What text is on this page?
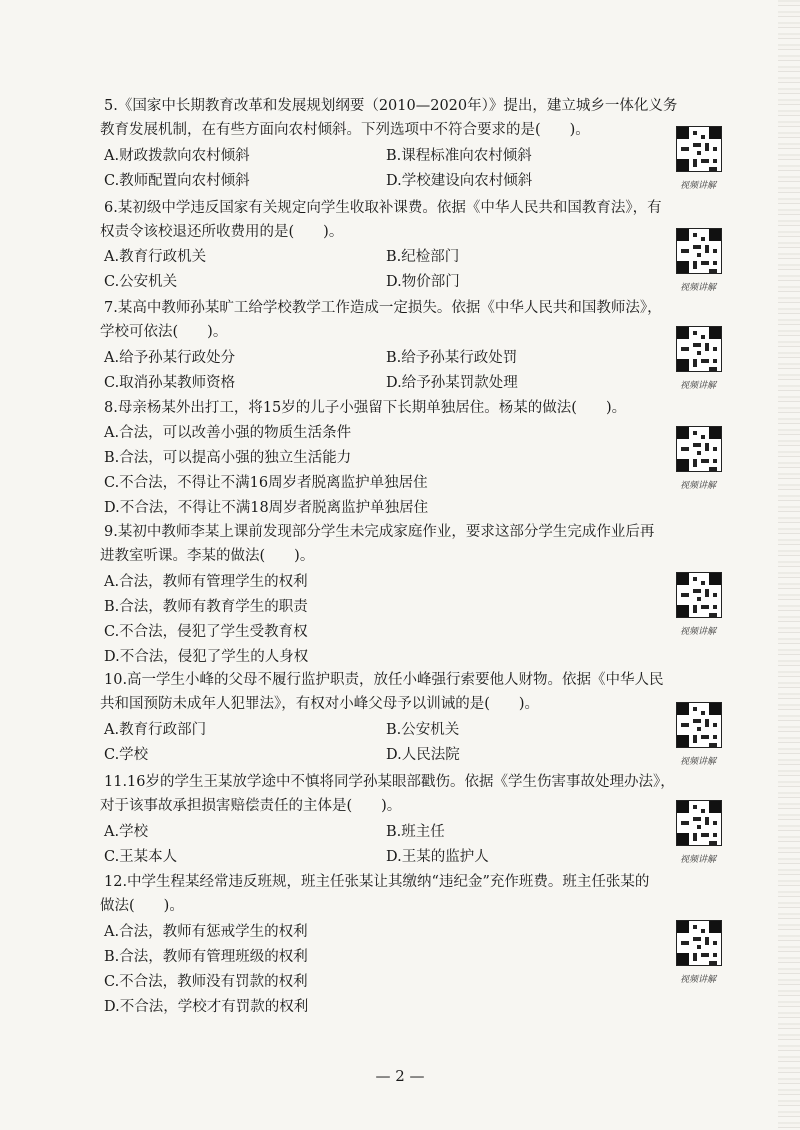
5.《国家中长期教育改革和发展规划纲要（2010—2020年）》提出，建立城乡一体化义务
教育发展机制，在有些方面向农村倾斜。下列选项中不符合要求的是(　　)。
A.财政拨款向农村倾斜	B.课程标准向农村倾斜
C.教师配置向农村倾斜	D.学校建设向农村倾斜	视频讲解
6.某初级中学违反国家有关规定向学生收取补课费。依据《中华人民共和国教育法》，有
权责令该校退还所收费用的是(　　)。
A.教育行政机关	B.纪检部门
C.公安机关	D.物价部门	视频讲解
7.某高中教师孙某旷工给学校教学工作造成一定损失。依据《中华人民共和国教师法》，
学校可依法(　　)。
A.给予孙某行政处分	B.给予孙某行政处罚
C.取消孙某教师资格	D.给予孙某罚款处理	视频讲解
8.母亲杨某外出打工，将15岁的儿子小强留下长期单独居住。杨某的做法(　　)。
A.合法，可以改善小强的物质生活条件
B.合法，可以提高小强的独立生活能力
C.不合法，不得让不满16周岁者脱离监护单独居住
D.不合法，不得让不满18周岁者脱离监护单独居住
视频讲解
9.某初中教师李某上课前发现部分学生未完成家庭作业，要求这部分学生完成作业后再
进教室听课。李某的做法(　　)。
A.合法，教师有管理学生的权利
B.合法，教师有教育学生的职责
C.不合法，侵犯了学生受教育权
D.不合法，侵犯了学生的人身权
视频讲解
10.高一学生小峰的父母不履行监护职责，放任小峰强行索要他人财物。依据《中华人民
共和国预防未成年人犯罪法》，有权对小峰父母予以训诫的是(　　)。
A.教育行政部门	B.公安机关
C.学校	D.人民法院	视频讲解
11.16岁的学生王某放学途中不慎将同学孙某眼部戳伤。依据《学生伤害事故处理办法》，
对于该事故承担损害赔偿责任的主体是(　　)。
A.学校	B.班主任
C.王某本人	D.王某的监护人	视频讲解
12.中学生程某经常违反班规，班主任张某让其缴纳“违纪金”充作班费。班主任张某的
做法(　　)。
A.合法，教师有惩戒学生的权利
B.合法，教师有管理班级的权利
C.不合法，教师没有罚款的权利
D.不合法，学校才有罚款的权利
视频讲解
— 2 —
